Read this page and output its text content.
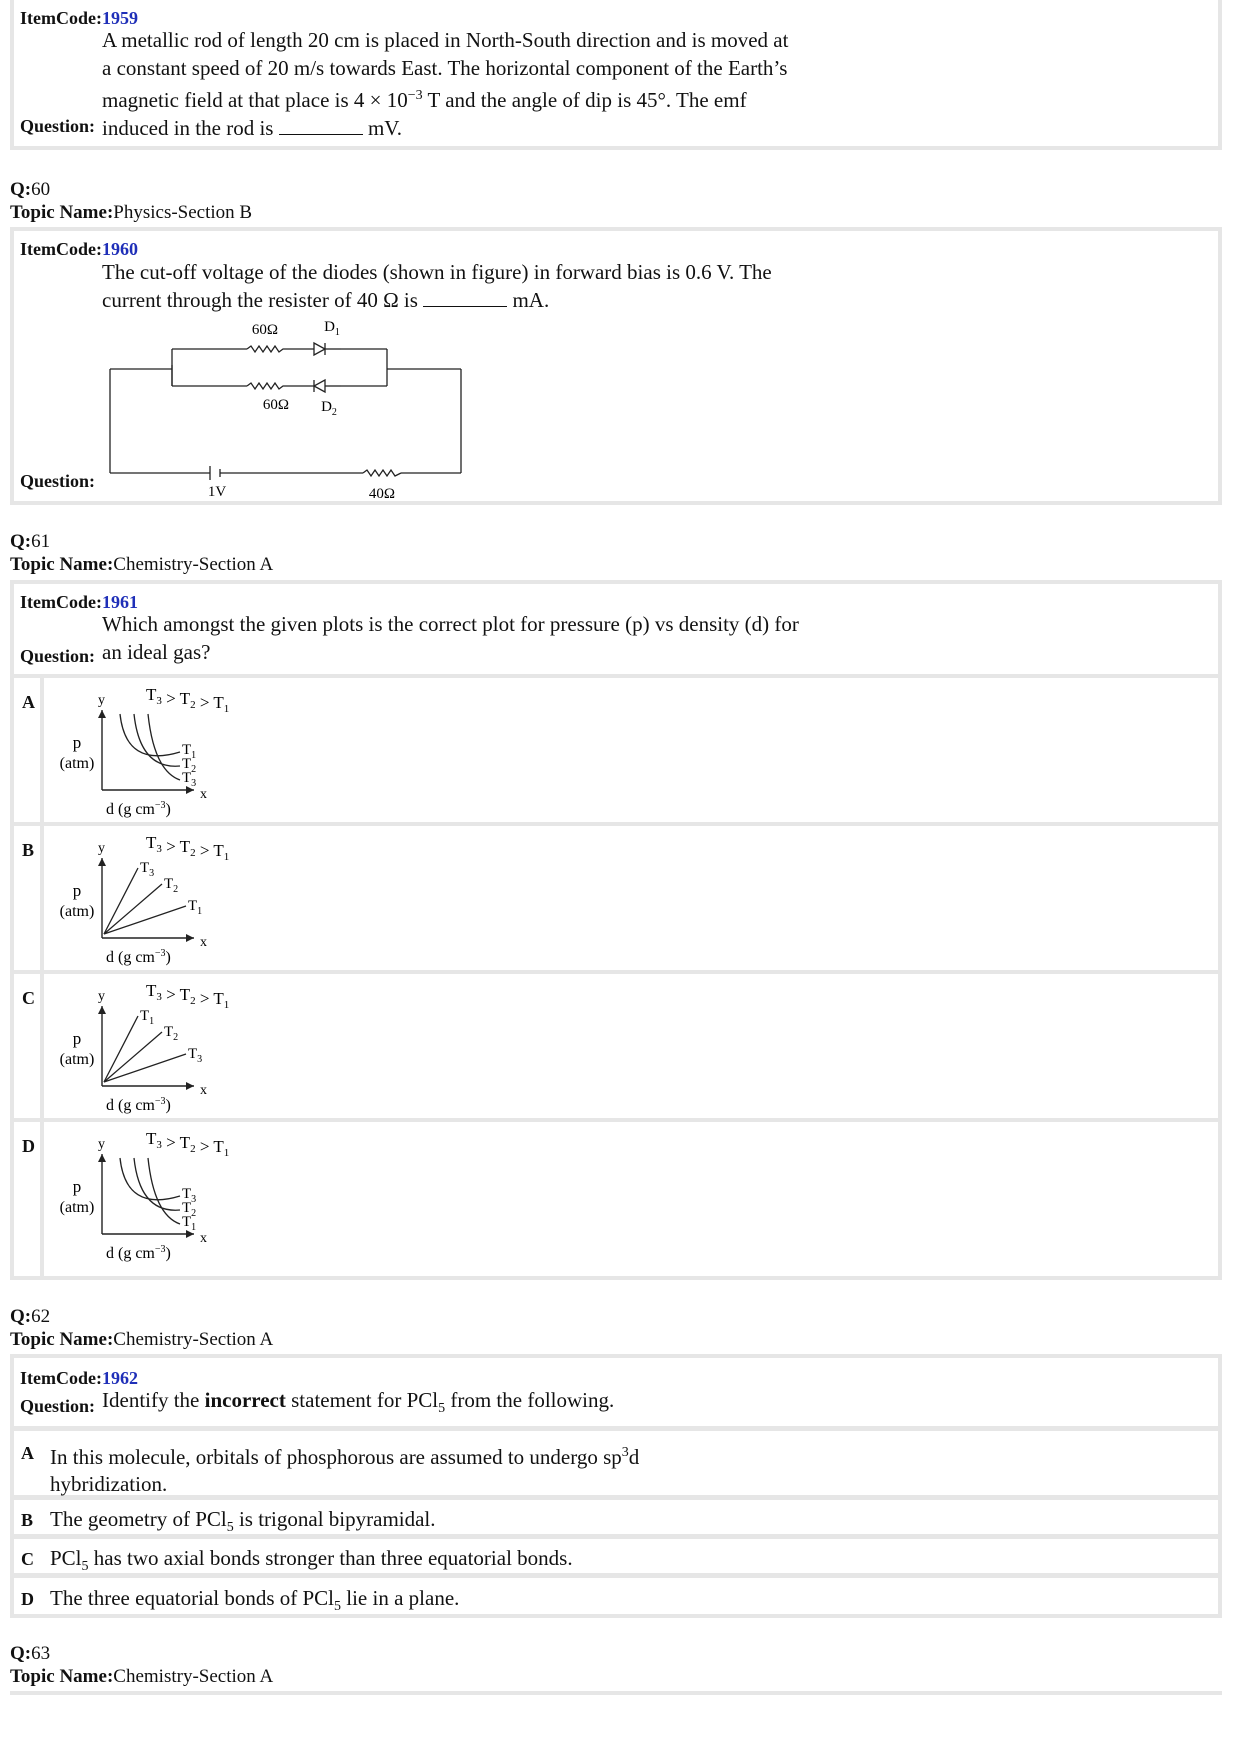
ItemCode:1959
A metallic rod of length 20 cm is placed in North-South direction and is moved at
a constant speed of 20 m/s towards East. The horizontal component of the Earth’s
magnetic field at that place is $4 \times 10^{-3}$ T and the angle of dip is 45°. The emf
induced in the rod is	mV.
Question:
Q:60
Topic Name:Physics-Section B
ItemCode:1960
The cut-off voltage of the diodes (shown in figure) in forward bias is 0.6 V. The
current through the resister of 40 Ω is	mA.
60Ω	$D_1$
60Ω $D_2$
1V	40Ω
Question:
Q:61
Topic Name:Chemistry-Section A
ItemCode:1961
Which amongst the given plots is the correct plot for pressure (p) vs density (d) for
an ideal gas?
Question:
A	$T_3 > T_2 > T_1$
y
x
p
(atm)
d (g $cm^{-3}$)
$T_1$
$T_2$
$T_3$
B	$T_3 > T_2 > T_1$
y
x
p
(atm)
d (g $cm^{-3}$)
$T_3$
$T_2$
$T_1$
C	$T_3 > T_2 > T_1$
y
x
p
(atm)
d (g $cm^{-3}$)
$T_1$
$T_2$
$T_3$
D	$T_3 > T_2 > T_1$
y
x
p
(atm)
d (g $cm^{-3}$)
$T_3$
$T_2$
$T_1$
Q:62
Topic Name:Chemistry-Section A
ItemCode:1962
Identify the incorrect statement for PCl$_5$ from the following.
Question:
A In this molecule, orbitals of phosphorous are assumed to undergo $sp^3d$
hybridization.
B The geometry of PCl$_5$ is trigonal bipyramidal.
C PCl$_5$ has two axial bonds stronger than three equatorial bonds.
D The three equatorial bonds of PCl$_5$ lie in a plane.
Q:63
Topic Name:Chemistry-Section A
